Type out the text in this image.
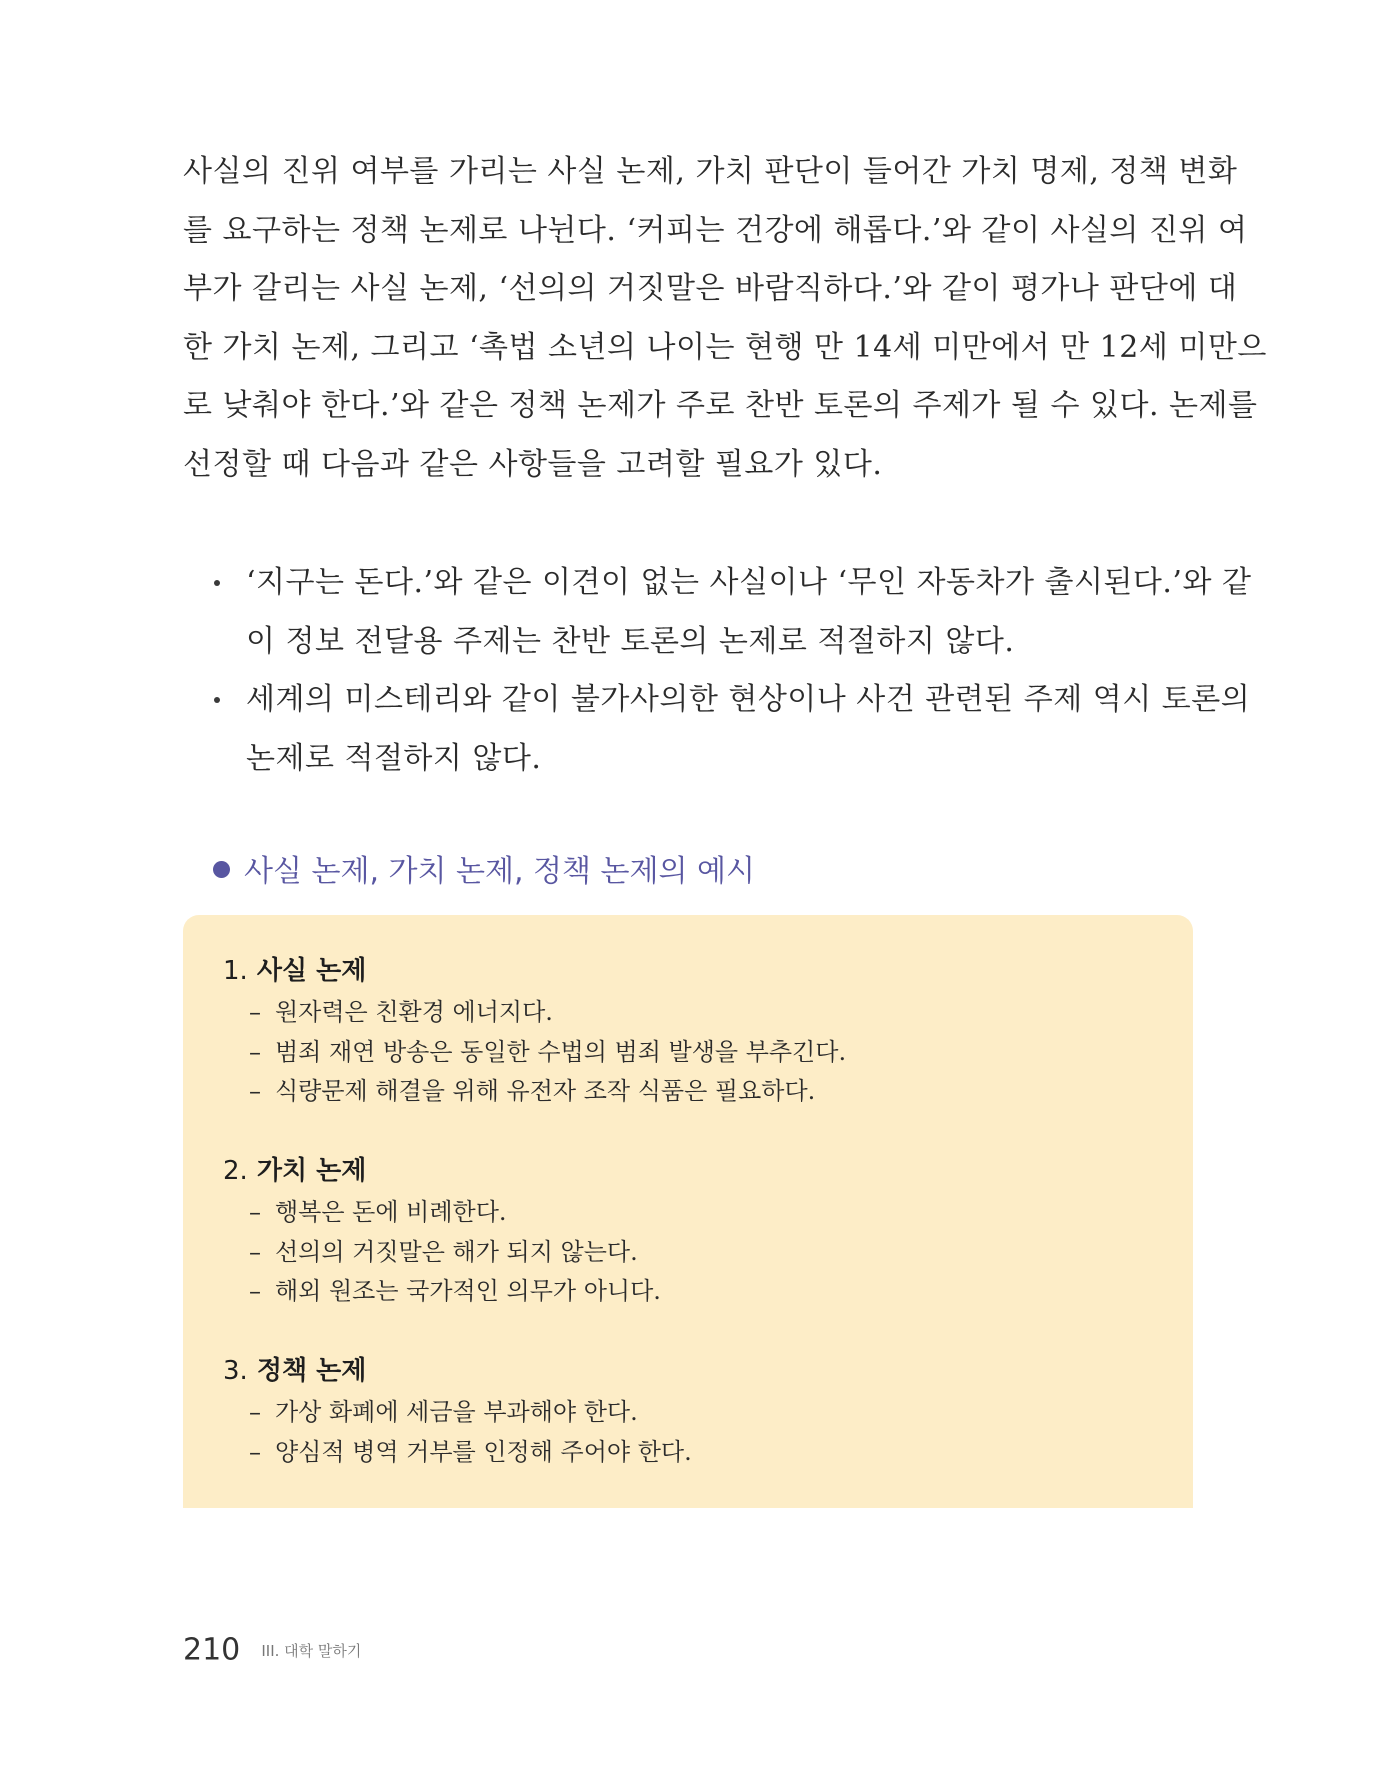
사실의 진위 여부를 가리는 사실 논제, 가치 판단이 들어간 가치 명제, 정책 변화
를 요구하는 정책 논제로 나뉜다. ‘커피는 건강에 해롭다.’와 같이 사실의 진위 여
부가 갈리는 사실 논제, ‘선의의 거짓말은 바람직하다.’와 같이 평가나 판단에 대
한 가치 논제, 그리고 ‘촉법 소년의 나이는 현행 만 14세 미만에서 만 12세 미만으
로 낮춰야 한다.’와 같은 정책 논제가 주로 찬반 토론의 주제가 될 수 있다. 논제를
선정할 때 다음과 같은 사항들을 고려할 필요가 있다.
‘지구는 돈다.’와 같은 이견이 없는 사실이나 ‘무인 자동차가 출시된다.’와 같
이 정보 전달용 주제는 찬반 토론의 논제로 적절하지 않다.
세계의 미스테리와 같이 불가사의한 현상이나 사건 관련된 주제 역시 토론의
논제로 적절하지 않다.
사실 논제, 가치 논제, 정책 논제의 예시
1. 사실 논제
– 원자력은 친환경 에너지다.
– 범죄 재연 방송은 동일한 수법의 범죄 발생을 부추긴다.
– 식량문제 해결을 위해 유전자 조작 식품은 필요하다.
2. 가치 논제
– 행복은 돈에 비례한다.
– 선의의 거짓말은 해가 되지 않는다.
– 해외 원조는 국가적인 의무가 아니다.
3. 정책 논제
– 가상 화폐에 세금을 부과해야 한다.
– 양심적 병역 거부를 인정해 주어야 한다.
210 III. 대학 말하기
